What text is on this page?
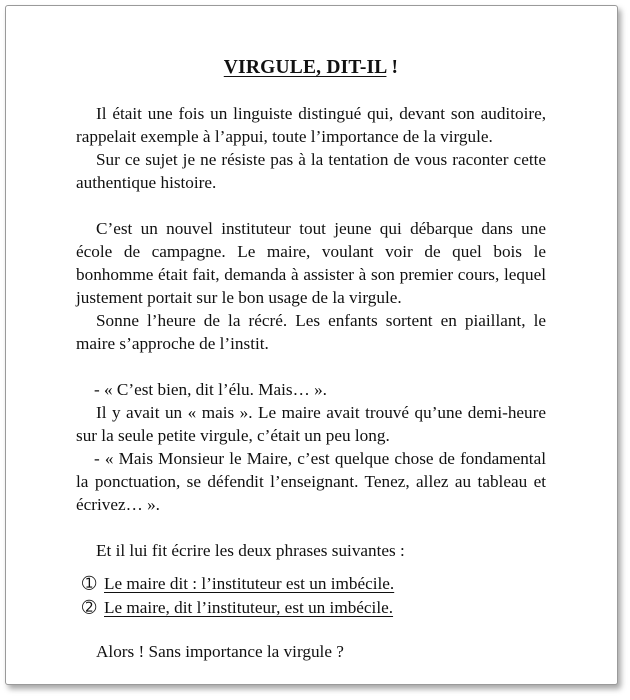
VIRGULE, DIT-IL !

Il était une fois un linguiste distingué qui, devant son auditoire, rappelait exemple à l’appui, toute l’importance de la virgule.

Sur ce sujet je ne résiste pas à la tentation de vous raconter cette authentique histoire.

C’est un nouvel instituteur tout jeune qui débarque dans une école de campagne. Le maire, voulant voir de quel bois le bonhomme était fait, demanda à assister à son premier cours, lequel justement portait sur le bon usage de la virgule.

Sonne l’heure de la récré. Les enfants sortent en piaillant, le maire s’approche de l’instit.

- « C’est bien, dit l’élu. Mais… ».

Il y avait un « mais ». Le maire avait trouvé qu’une demi-heure sur la seule petite virgule, c’était un peu long.

- « Mais Monsieur le Maire, c’est quelque chose de fondamental la ponctuation, se défendit l’enseignant. Tenez, allez au tableau et écrivez… ».

Et il lui fit écrire les deux phrases suivantes :

➀ Le maire dit : l’instituteur est un imbécile.

➁ Le maire, dit l’instituteur, est un imbécile.

Alors ! Sans importance la virgule ?
